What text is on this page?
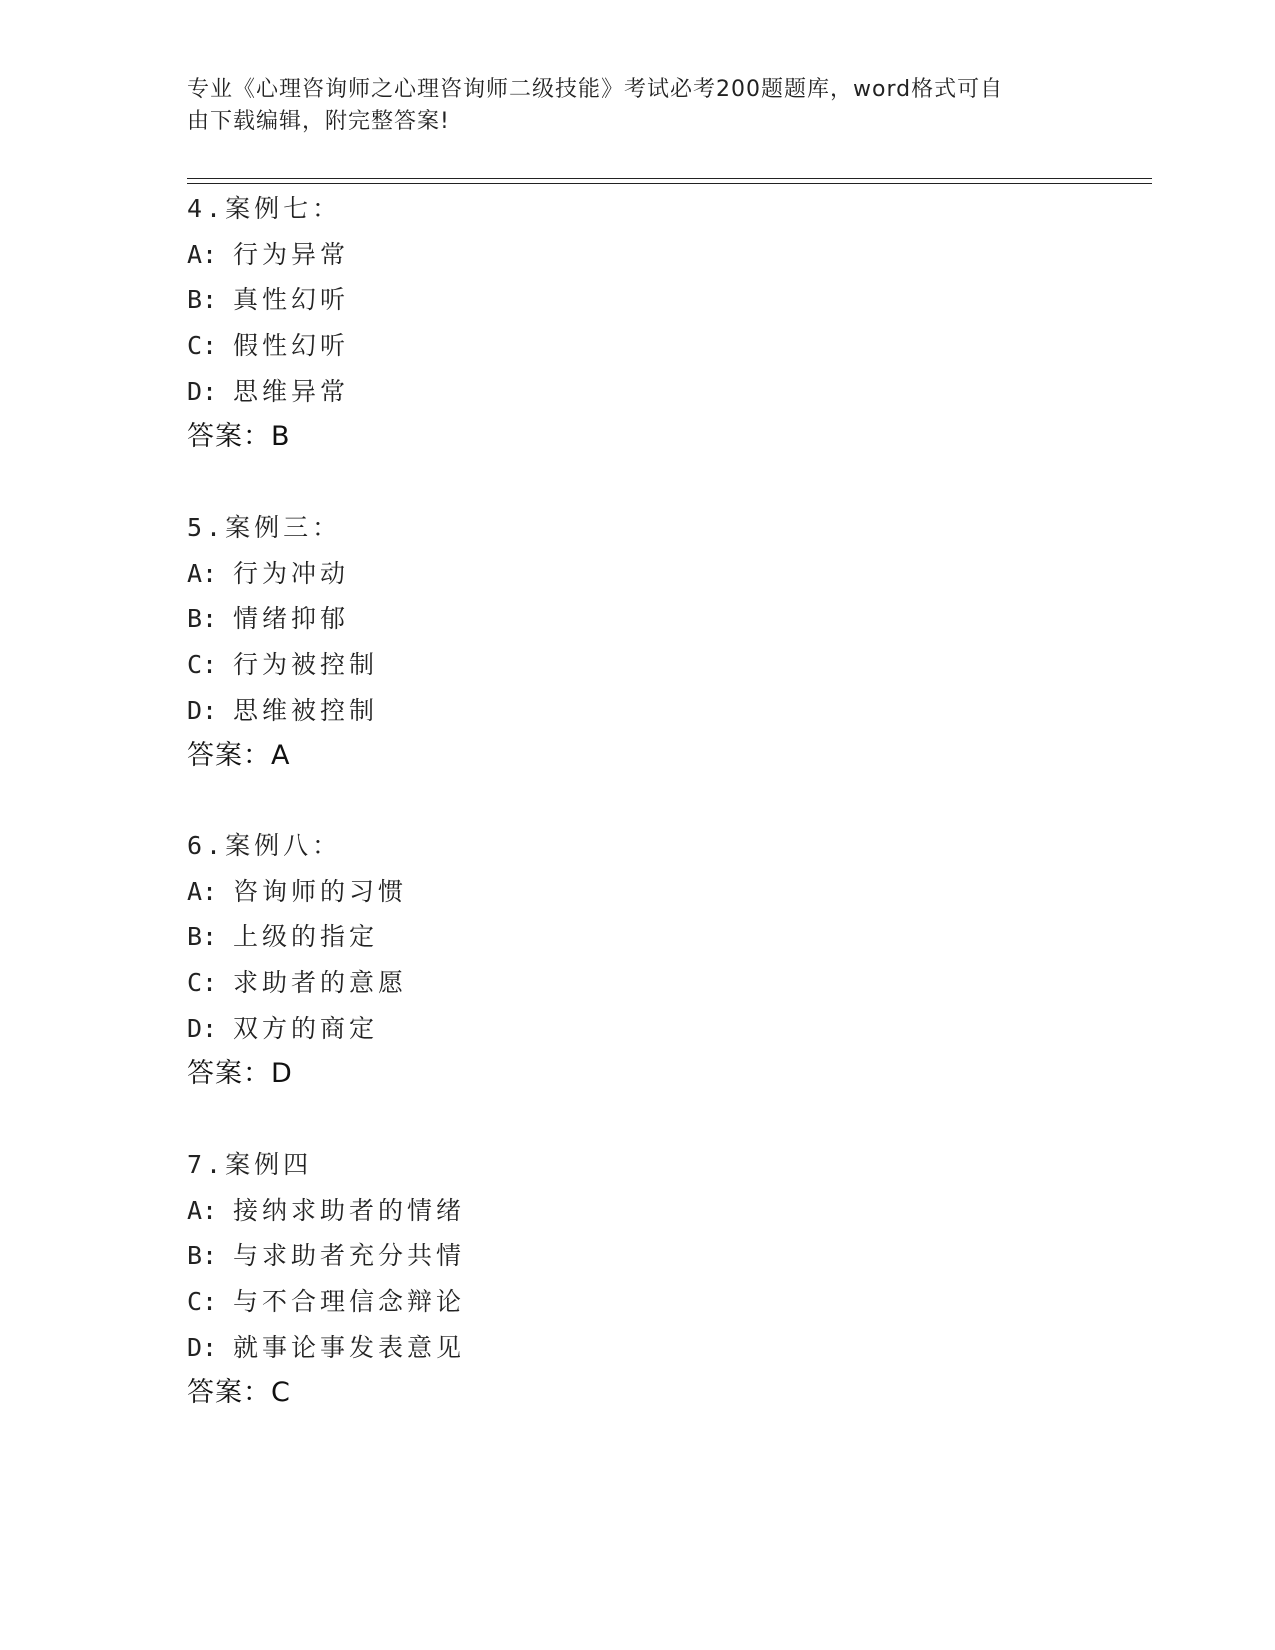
专业《心理咨询师之心理咨询师二级技能》考试必考200题题库，word格式可自
由下载编辑，附完整答案!
4.案例七：
A: 行为异常
B: 真性幻听
C: 假性幻听
D: 思维异常
答案：B
5.案例三：
A: 行为冲动
B: 情绪抑郁
C: 行为被控制
D: 思维被控制
答案：A
6.案例八：
A: 咨询师的习惯
B: 上级的指定
C: 求助者的意愿
D: 双方的商定
答案：D
7.案例四
A: 接纳求助者的情绪
B: 与求助者充分共情
C: 与不合理信念辩论
D: 就事论事发表意见
答案：C
